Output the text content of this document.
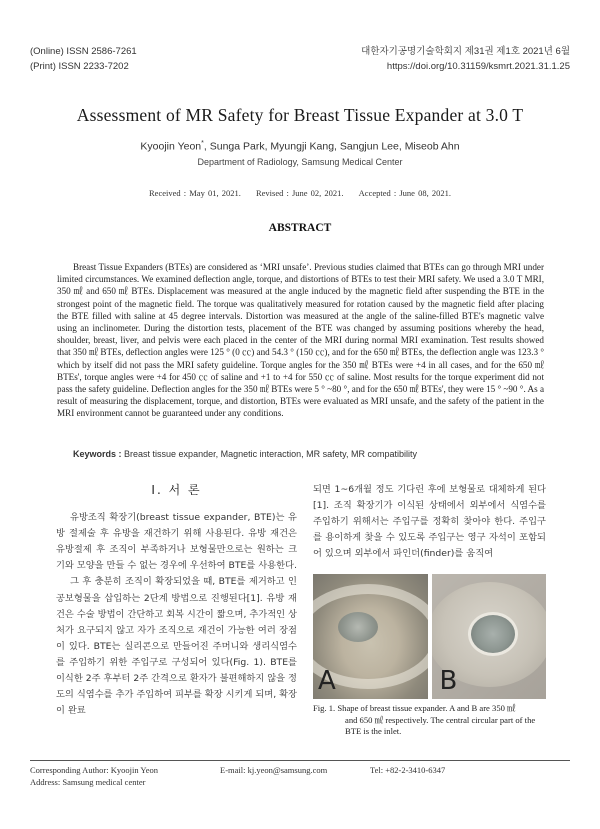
(Online) ISSN 2586-7261
(Print) ISSN 2233-7202
대한자기공명기술학회지 제31권 제1호 2021년 6월
https://doi.org/10.31159/ksmrt.2021.31.1.25
Assessment of MR Safety for Breast Tissue Expander at 3.0 T
Kyoojin Yeon*, Sunga Park, Myungji Kang, Sangjun Lee, Miseob Ahn
Department of Radiology, Samsung Medical Center
Received : May 01, 2021. Revised : June 02, 2021. Accepted : June 08, 2021.
ABSTRACT

Breast Tissue Expanders (BTEs) are considered as ‘MRI unsafe’. Previous studies claimed that BTEs can go through MRI under limited circumstances. We examined deflection angle, torque, and distortions of BTEs to test their MRI safety. We used a 3.0 T MRI, 350 ㎖ and 650 ㎖ BTEs. Displacement was measured at the angle induced by the magnetic field after suspending the BTE in the strongest point of the magnetic field. The torque was qualitatively measured for rotation caused by the magnetic field after placing the BTE filled with saline at 45 degree intervals. Distortion was measured at the angle of the saline-filled BTE's magnetic valve using an inclinometer. During the distortion tests, placement of the BTE was changed by assuming positions whereby the head, shoulder, breast, liver, and pelvis were each placed in the center of the MRI during normal MRI examination. Test results showed that 350 ㎖ BTEs, deflection angles were 125 ° (0 ㏄) and 54.3 ° (150 ㏄), and for the 650 ㎖ BTEs, the deflection angle was 123.3 ° which by itself did not pass the MRI safety guideline. Torque angles for the 350 ㎖ BTEs were +4 in all cases, and for the 650 ㎖ BTEs', torque angles were +4 for 450 ㏄ of saline and +1 to +4 for 550 ㏄ of saline. Most results for the torque experiment did not pass the safety guideline. Deflection angles for the 350 ㎖ BTEs were 5 ° ~80 °, and for the 650 ㎖ BTEs', they were 15 ° ~90 °. As a result of measuring the displacement, torque, and distortion, BTEs were evaluated as MRI unsafe, and the safety of the patient in the MRI environment cannot be guaranteed under any conditions.

Keywords : Breast tissue expander, Magnetic interaction, MR safety, MR compatibility
Ⅰ. 서 론

유방조직 확장기(breast tissue expander, BTE)는 유방 절제술 후 유방을 재건하기 위해 사용된다. 유방 재건은 유방절제 후 조직이 부족하거나 보형물만으로는 원하는 크기와 모양을 만들 수 없는 경우에 우선하여 BTE를 사용한다.

그 후 충분히 조직이 확장되었을 때, BTE를 제거하고 인공보형물을 삽입하는 2단계 방법으로 진행된다[1]. 유방 재건은 수술 방법이 간단하고 회복 시간이 짧으며, 추가적인 상처가 요구되지 않고 자가 조직으로 재건이 가능한 여러 장점이 있다. BTE는 실리콘으로 만들어진 주머니와 생리식염수를 주입하기 위한 주입구로 구성되어 있다(Fig. 1). BTE를 이식한 2주 후부터 2주 간격으로 환자가 불편해하지 않을 정도의 식염수를 추가 주입하여 피부를 확장 시키게 되며, 확장이 완료

되면 1~6개월 정도 기다린 후에 보형물로 대체하게 된다[1]. 조직 확장기가 이식된 상태에서 외부에서 식염수를 주입하기 위해서는 주입구를 정확히 찾아야 한다. 주입구를 용이하게 찾을 수 있도록 주입구는 영구 자석이 포함되어 있으며 외부에서 파인더(finder)를 움직여

A	B
Fig. 1. Shape of breast tissue expander. A and B are 350 ㎖
and 650 ㎖ respectively. The central circular part of the BTE is the inlet.
Corresponding Author: Kyoojin Yeon
Address: Samsung medical center
E-mail: kj.yeon@samsung.com	Tel: +82-2-3410-6347
